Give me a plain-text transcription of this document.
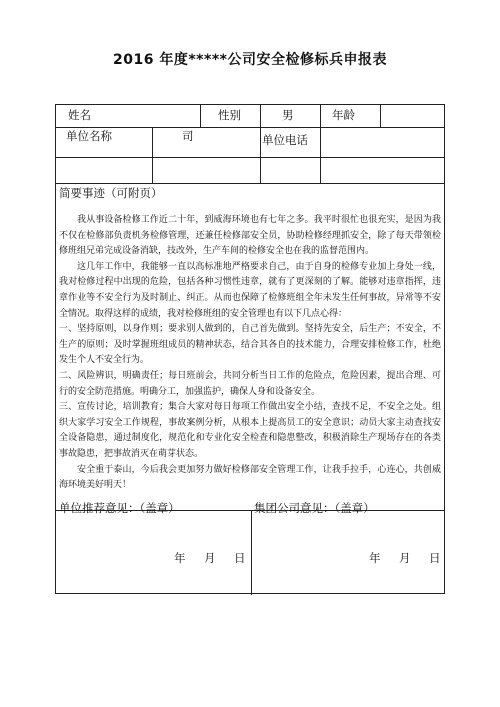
2016 年度*****公司安全检修标兵申报表
姓名	性别	男	年龄
单位名称	司	单位电话
简要事迹（可附页）

我从事设备检修工作近二十年，到威海环境也有七年之多。我平时很忙也很充实，是因为我不仅在检修部负责机务检修管理，还兼任检修部安全员，协助检修经理抓安全，除了每天带领检修班组兄弟完成设备消缺，技改外，生产车间的检修安全也在我的监督范围内。

这几年工作中，我能够一直以高标准地严格要求自己，由于自身的检修专业加上身处一线，我对检修过程中出现的危险，包括各种习惯性违章，就有了更深刻的了解。能够对违章指挥，违章作业等不安全行为及时制止、纠正。从而也保障了检修班组全年未发生任何事故，异常等不安全情况。取得这样的成绩，我对检修班组的安全管理也有以下几点心得：

一、坚持原则，以身作则；要求别人做到的，自己首先做到。坚持先安全，后生产；不安全，不生产的原则；及时掌握班组成员的精神状态，结合其各自的技术能力，合理安排检修工作，杜绝发生个人不安全行为。

二、风险辨识，明确责任；每日班前会，共同分析当日工作的危险点，危险因素，提出合理、可行的安全防范措施。明确分工，加强监护，确保人身和设备安全。

三、宣传讨论，培训教育；集合大家对每日每项工作做出安全小结，查找不足，不安全之处。组织大家学习安全工作规程，事故案例分析，从根本上提高员工的安全意识；动员大家主动查找安全设备隐患，通过制度化，规范化和专业化安全检查和隐患整改，积极消除生产现场存在的各类事故隐患，把事故消灭在萌芽状态。

安全重于泰山，今后我会更加努力做好检修部安全管理工作，让我手拉手，心连心，共创威海环境美好明天！

单位推荐意见：（盖章）	集团公司意见：（盖章）
年 月 日	年 月 日
